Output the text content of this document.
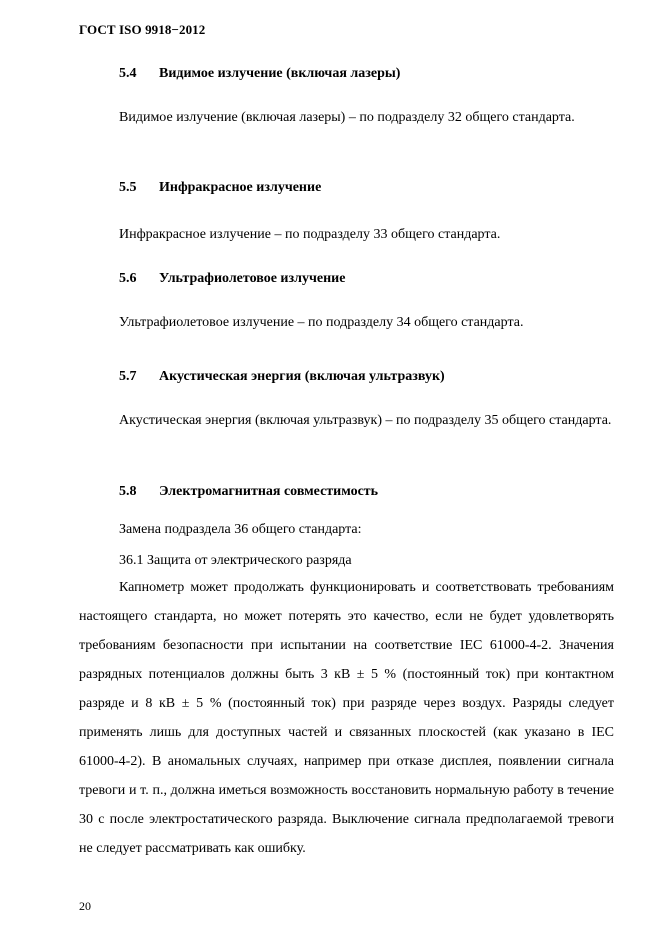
ГОСТ ISO 9918−2012
5.4 Видимое излучение (включая лазеры)

Видимое излучение (включая лазеры) – по подразделу 32 общего стандарта.

5.5 Инфракрасное излучение

Инфракрасное излучение – по подразделу 33 общего стандарта.

5.6 Ультрафиолетовое излучение

Ультрафиолетовое излучение – по подразделу 34 общего стандарта.

5.7 Акустическая энергия (включая ультразвук)

Акустическая энергия (включая ультразвук) – по подразделу 35 общего стандарта.

5.8 Электромагнитная совместимость
Замена подраздела 36 общего стандарта:
36.1 Защита от электрического разряда

Капнометр может продолжать функционировать и соответствовать требованиям настоящего стандарта, но может потерять это качество, если не будет удовлетворять требованиям безопасности при испытании на соответствие IEC 61000-4-2. Значения разрядных потенциалов должны быть 3 кВ ± 5 % (постоянный ток) при контактном разряде и 8 кВ ± 5 % (постоянный ток) при разряде через воздух. Разряды следует применять лишь для доступных частей и связанных плоскостей (как указано в IEC 61000-4-2). В аномальных случаях, например при отказе дисплея, появлении сигнала тревоги и т. п., должна иметься возможность восстановить нормальную работу в течение 30 с после электростатического разряда. Выключение сигнала предполагаемой тревоги не следует рассматривать как ошибку.

20
